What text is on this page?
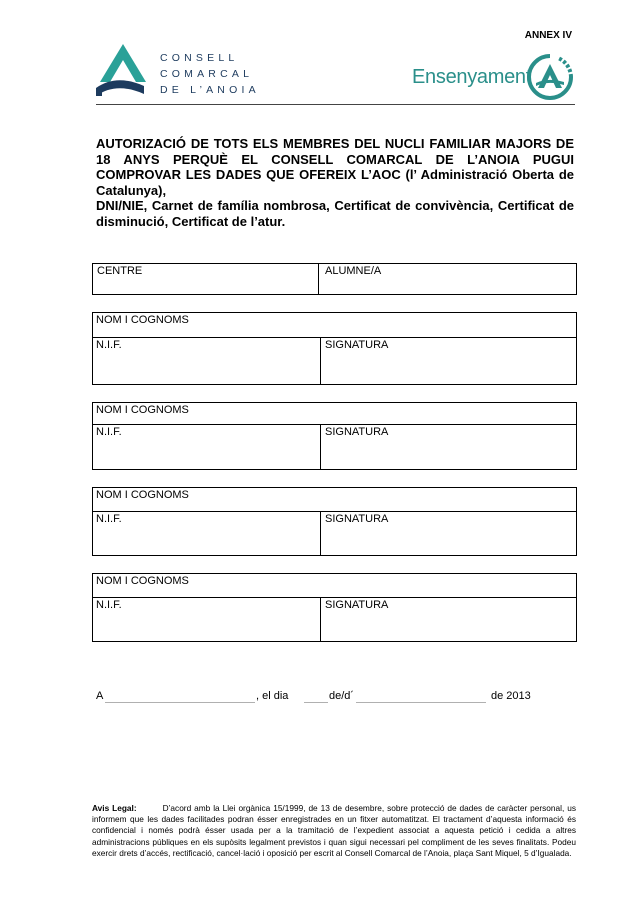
ANNEX IV
CONSELL
COMARCAL
DE L’ANOIA
Ensenyament

AUTORIZACIÓ DE TOTS ELS MEMBRES DEL NUCLI FAMILIAR MAJORS DE 18 ANYS PERQUÈ EL CONSELL COMARCAL DE L’ANOIA PUGUI COMPROVAR LES DADES QUE OFEREIX L’AOC (l’ Administració Oberta de Catalunya),

DNI/NIE, Carnet de família nombrosa, Certificat de convivència, Certificat de disminució, Certificat de l’atur.

CENTRE	ALUMNE/A
NOM I COGNOMS
N.I.F.	SIGNATURA
NOM I COGNOMS
N.I.F.	SIGNATURA
NOM I COGNOMS
N.I.F.	SIGNATURA
NOM I COGNOMS
N.I.F.	SIGNATURA
A	, el dia	de/d´	de 2013
Avis Legal:	D’acord amb la Llei orgànica 15/1999, de 13 de desembre, sobre protecció de dades de caràcter personal, us informem que les dades facilitades podran ésser enregistrades en un fitxer automatitzat. El tractament d’aquesta informació és confidencial i només podrà ésser usada per a la tramitació de l’expedient associat a aquesta petició i cedida a altres administracions públiques en els supòsits legalment previstos i quan sigui necessari pel compliment de les seves finalitats. Podeu exercir drets d’accés, rectificació, cancel·lació i oposició per escrit al Consell Comarcal de l’Anoia, plaça Sant Miquel, 5 d’Igualada.
